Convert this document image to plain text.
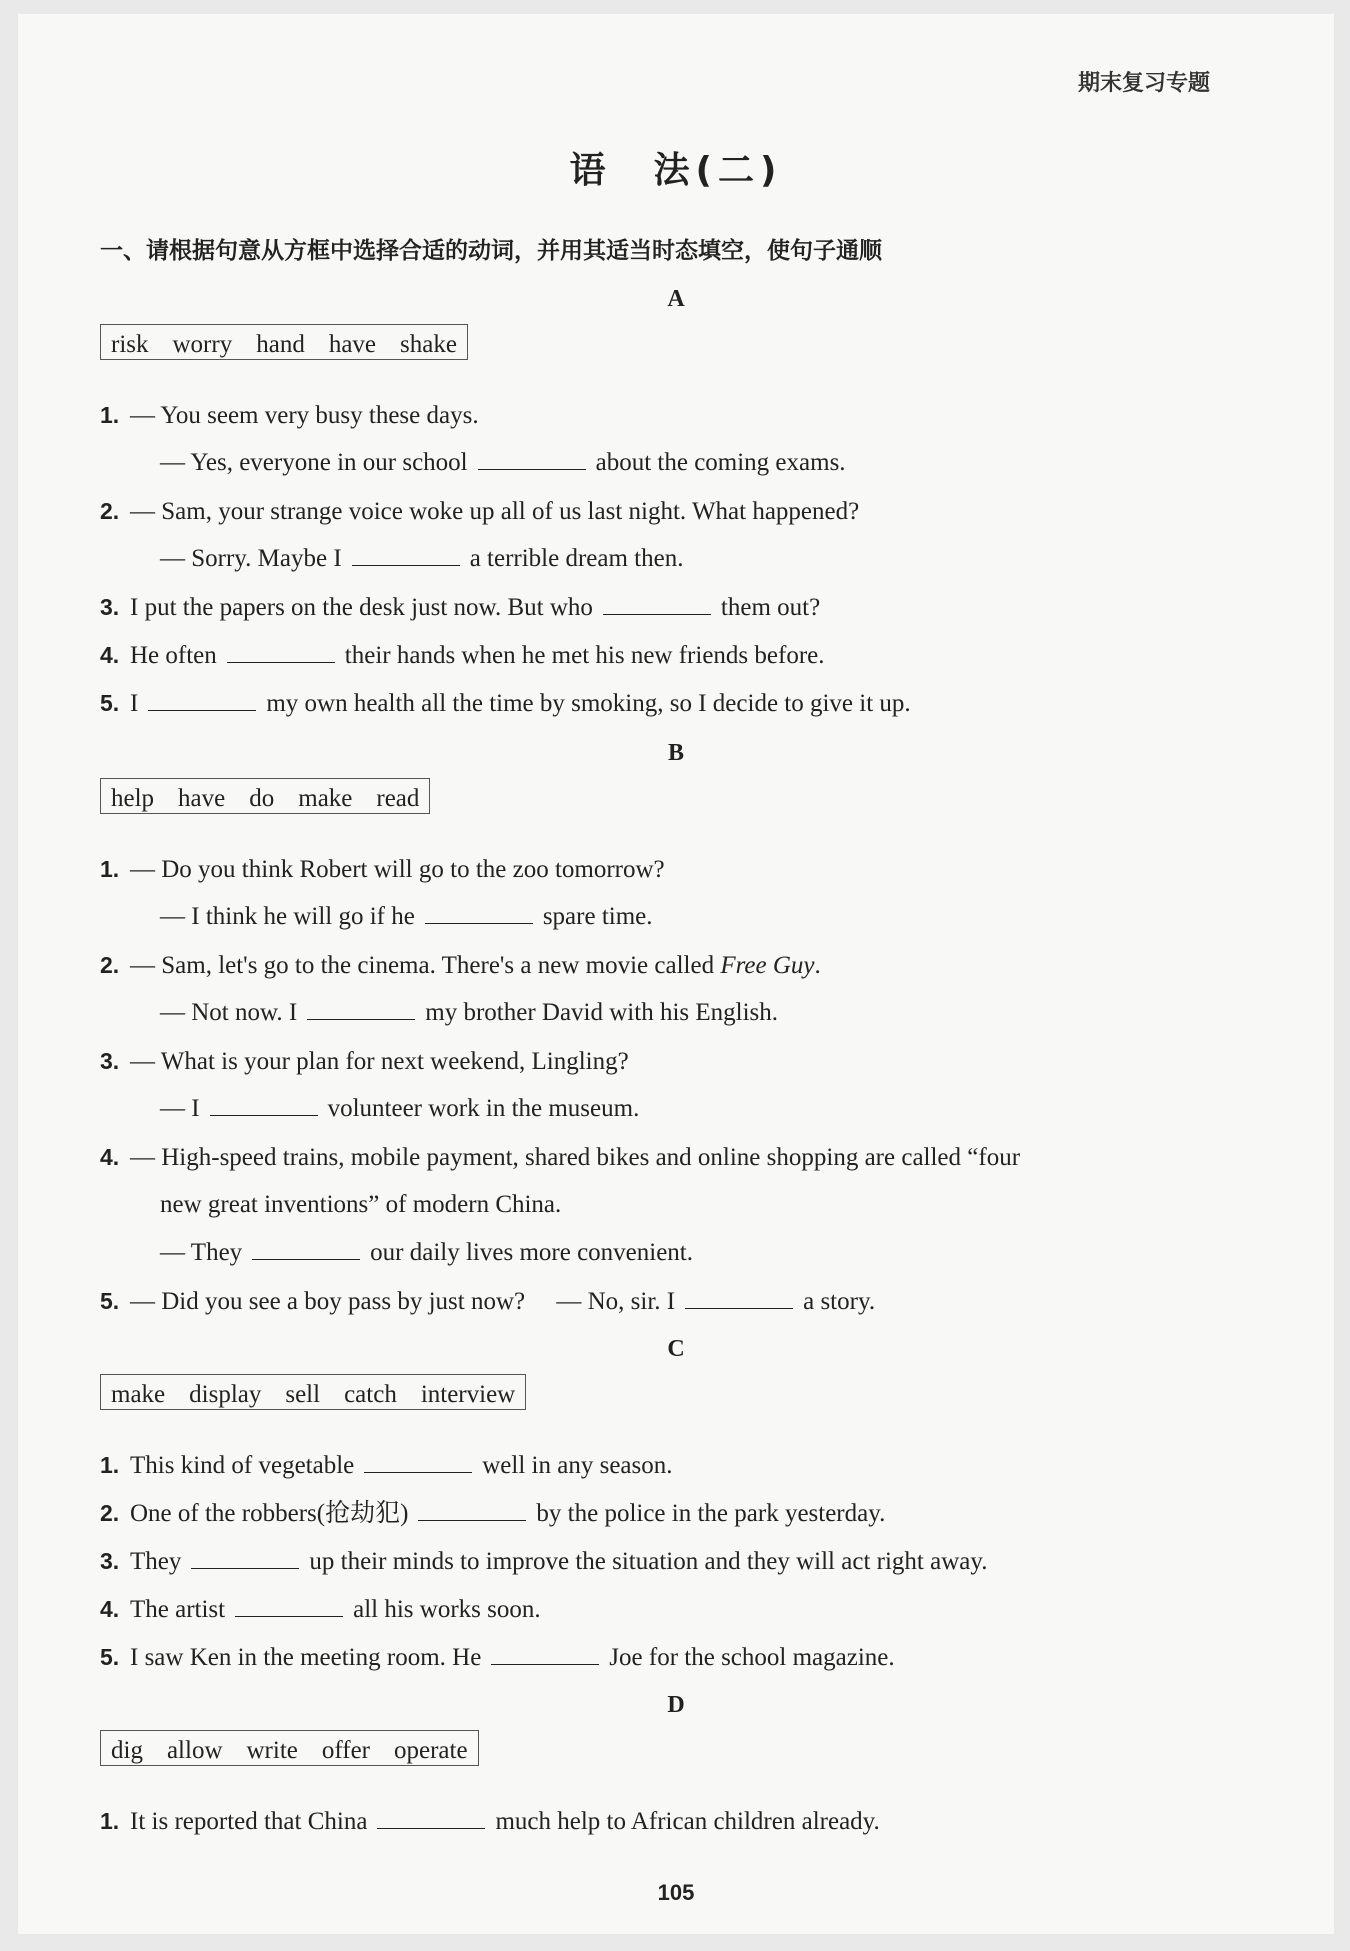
期末复习专题
语　法(二)
一、请根据句意从方框中选择合适的动词，并用其适当时态填空，使句子通顺
A
risk worry hand have shake
1. — You seem very busy these days.
— Yes, everyone in our school	about the coming exams.
2. — Sam, your strange voice woke up all of us last night. What happened?
— Sorry. Maybe I	a terrible dream then.
3. I put the papers on the desk just now. But who	them out?
4. He often	their hands when he met his new friends before.
5. I	my own health all the time by smoking, so I decide to give it up.
B
help have do make read
1. — Do you think Robert will go to the zoo tomorrow?
— I think he will go if he	spare time.
2. — Sam, let's go to the cinema. There's a new movie called Free Guy.
— Not now. I	my brother David with his English.
3. — What is your plan for next weekend, Lingling?
— I	volunteer work in the museum.
4. — High-speed trains, mobile payment, shared bikes and online shopping are called “four
new great inventions” of modern China.
— They	our daily lives more convenient.
5. — Did you see a boy pass by just now?　 — No, sir. I	a story.
C
make display sell catch interview
1. This kind of vegetable	well in any season.
2. One of the robbers(抢劫犯)	by the police in the park yesterday.
3. They	up their minds to improve the situation and they will act right away.
4. The artist	all his works soon.
5. I saw Ken in the meeting room. He	Joe for the school magazine.
D
dig allow write offer operate
1. It is reported that China	much help to African children already.
105
